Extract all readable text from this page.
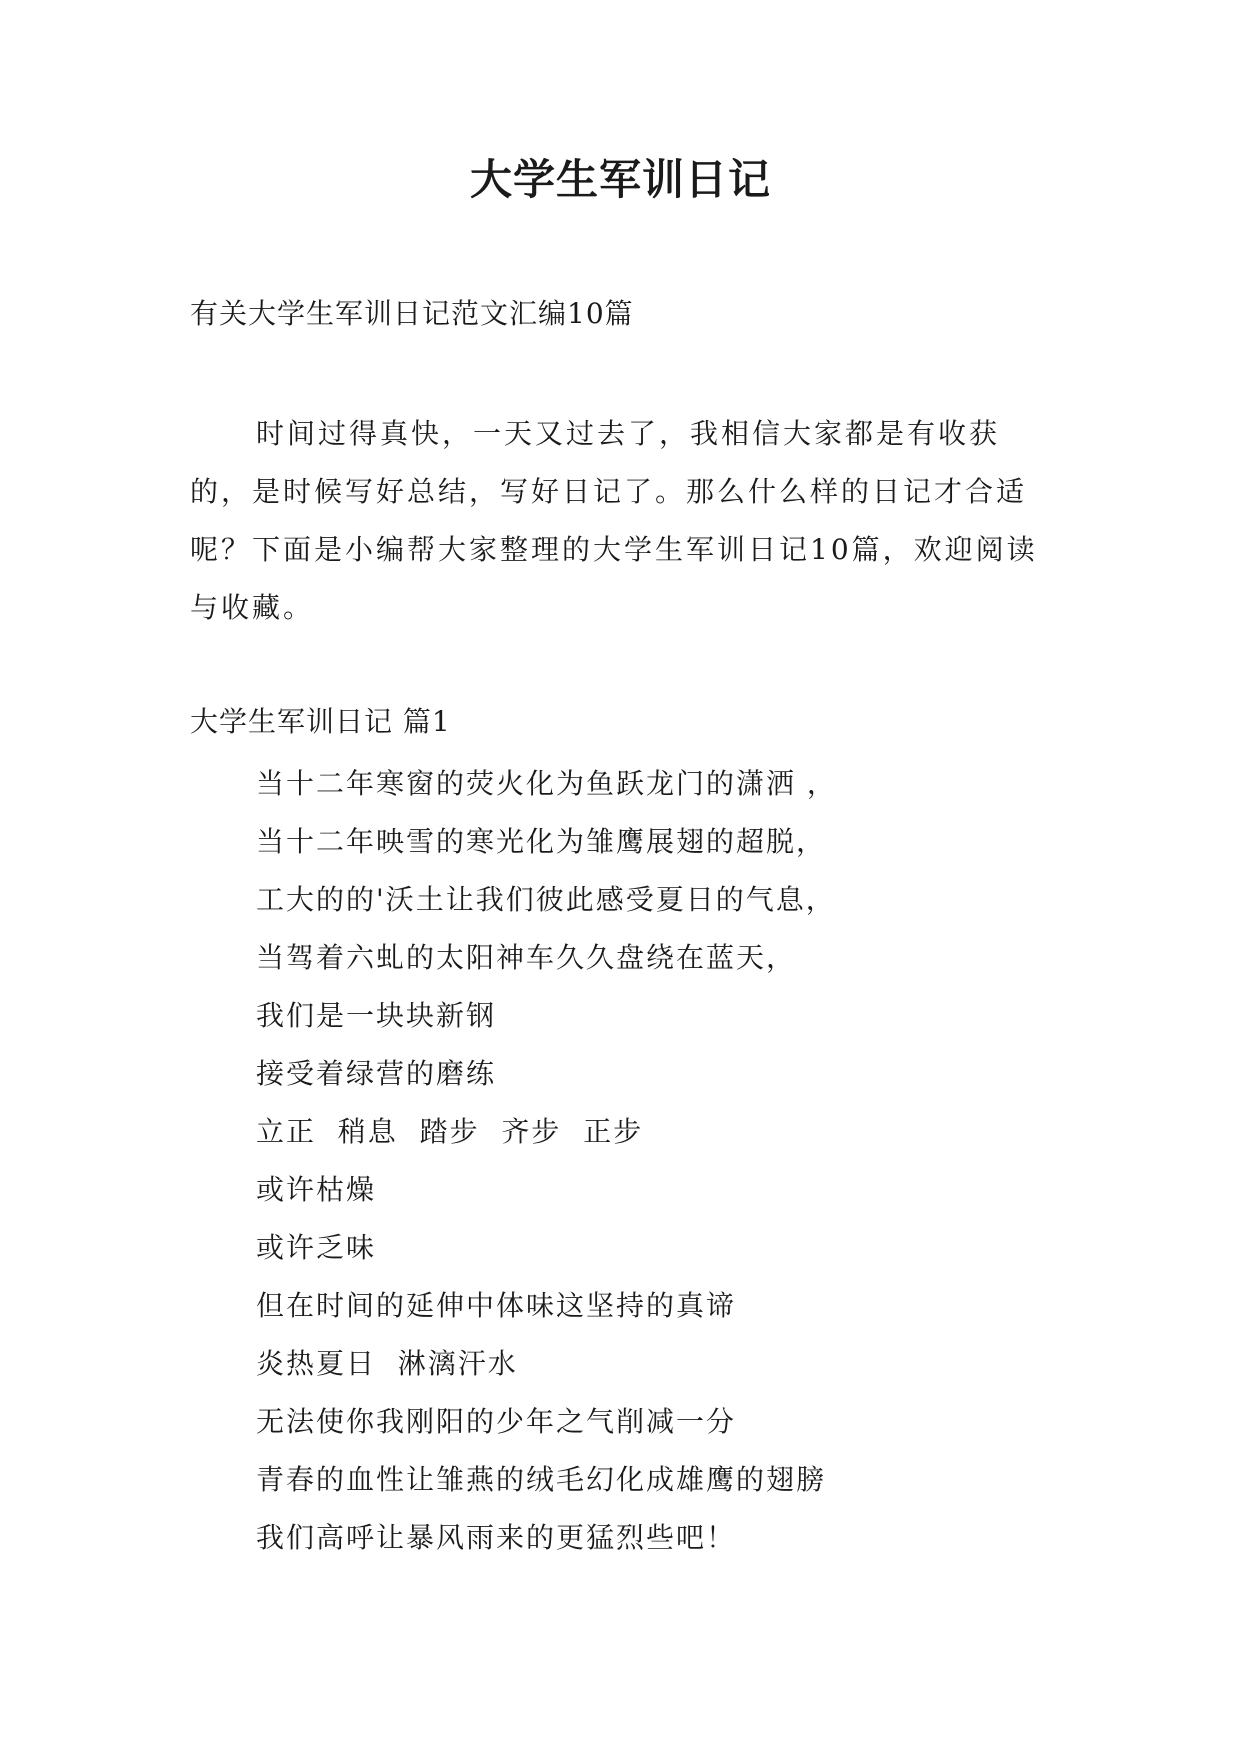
大学生军训日记
有关大学生军训日记范文汇编10篇

时间过得真快，一天又过去了，我相信大家都是有收获的，是时候写好总结，写好日记了。那么什么样的日记才合适呢？下面是小编帮大家整理的大学生军训日记10篇，欢迎阅读与收藏。

大学生军训日记 篇1
当十二年寒窗的荧火化为鱼跃龙门的潇洒 ，
当十二年映雪的寒光化为雏鹰展翅的超脱，
工大的的'沃土让我们彼此感受夏日的气息，
当驾着六虬的太阳神车久久盘绕在蓝天，
我们是一块块新钢
接受着绿营的磨练
立正  稍息  踏步  齐步  正步
或许枯燥
或许乏味
但在时间的延伸中体味这坚持的真谛
炎热夏日  淋漓汗水
无法使你我刚阳的少年之气削减一分
青春的血性让雏燕的绒毛幻化成雄鹰的翅膀
我们高呼让暴风雨来的更猛烈些吧！
